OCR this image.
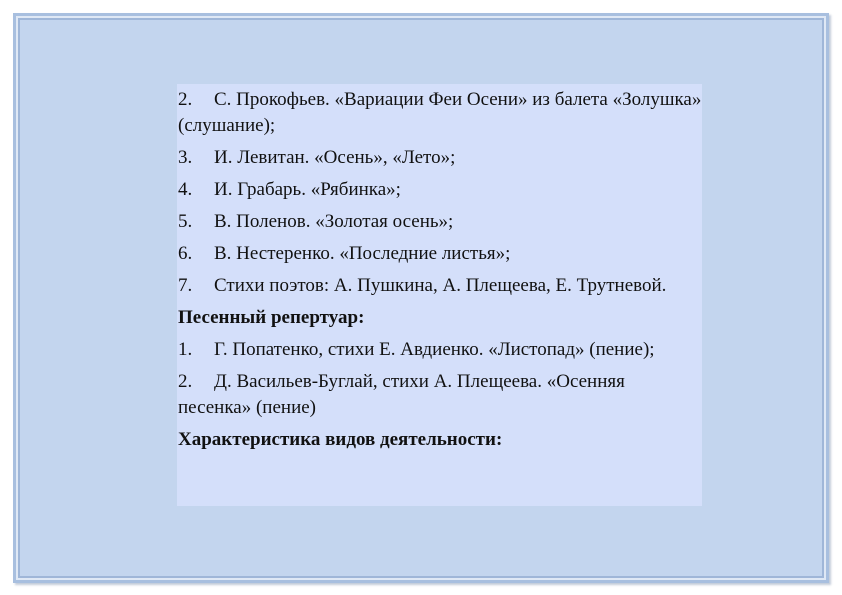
2. С. Прокофьев. «Вариации Феи Осени» из балета «Золушка» (слушание);

3. И. Левитан. «Осень», «Лето»;

4. И. Грабарь. «Рябинка»;

5. В. Поленов. «Золотая осень»;

6. В. Нестеренко. «Последние листья»;

7. Стихи поэтов: А. Пушкина, А. Плещеева, Е. Трутневой.

Песенный репертуар:

1. Г. Попатенко, стихи Е. Авдиенко. «Листопад» (пение);

2. Д. Васильев-Буглай, стихи А. Плещеева. «Осенняя песенка» (пение)

Характеристика видов деятельности:
